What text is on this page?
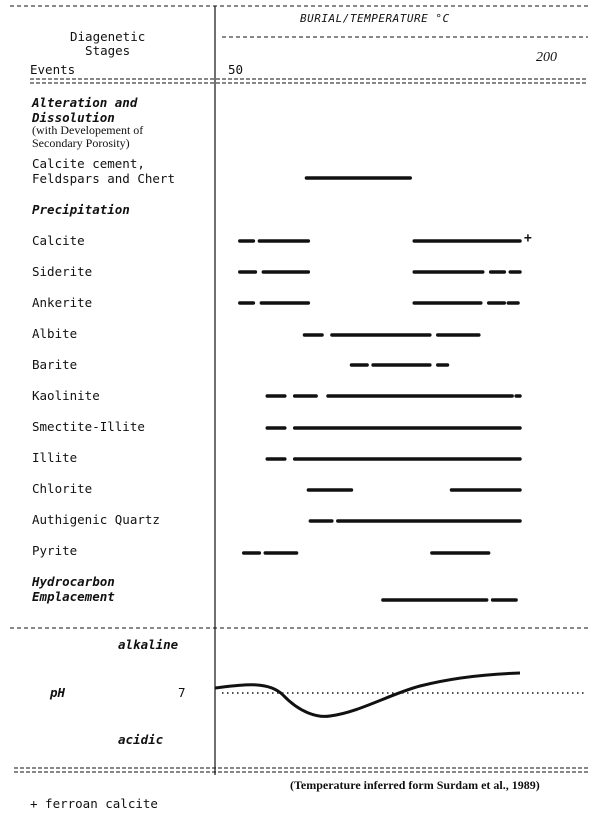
Diagenetic
Stages
Events
BURIAL/TEMPERATURE °C
50
200
Alteration and
Dissolution
(with Developement of
Secondary Porosity)
Calcite cement,
Feldspars and Chert
Precipitation
Calcite
Siderite
Ankerite
Albite
Barite
Kaolinite
Smectite-Illite
Illite
Chlorite
Authigenic Quartz
Pyrite
Hydrocarbon
Emplacement
alkaline
pH	7
acidic
(Temperature inferred form Surdam et al., 1989)
+ ferroan calcite
+
